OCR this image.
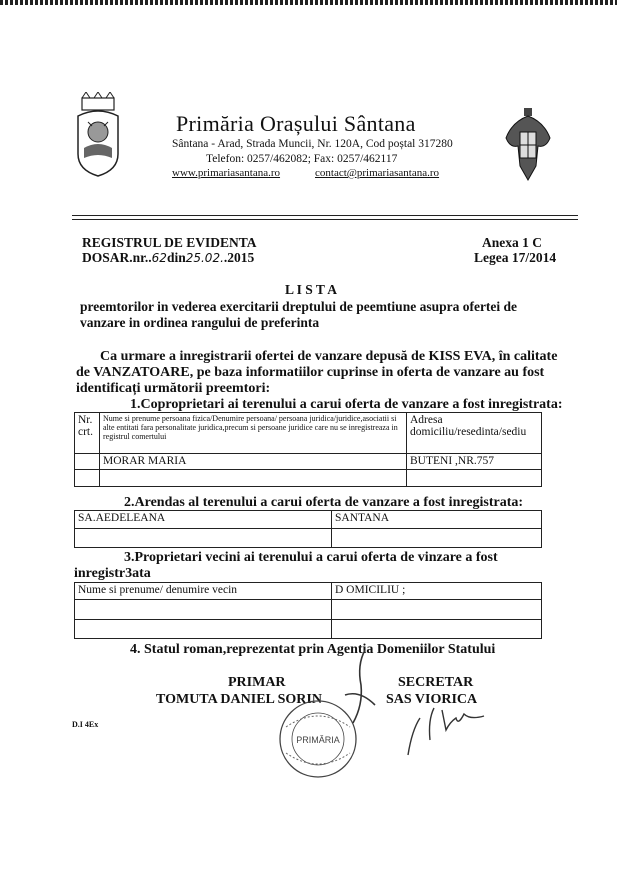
Primăria Orașului Sântana
Sântana - Arad, Strada Muncii, Nr. 120A, Cod poștal 317280
Telefon: 0257/462082; Fax: 0257/462117
www.primariasantana.ro	contact@primariasantana.ro
REGISTRUL DE EVIDENTA
DOSAR.nr..62din25.02..2015
Anexa 1 C
Legea 17/2014
L I S T A
preemtorilor in vederea exercitarii dreptului de peemtiune asupra ofertei de
vanzare in ordinea rangului de preferinta
Ca urmare a inregistrarii ofertei de vanzare depusă de KISS EVA, în calitate
de VANZATOARE, pe baza informatiilor cuprinse in oferta de vanzare au fost
identificați următorii preemtori:
1.Coproprietari ai terenului a carui oferta de vanzare a fost inregistrata:
Nr. crt.	Nume si prenume persoana fizica/Denumire persoana/ persoana juridica/juridice,asociatii si alte entitati fara personalitate juridica,precum si persoane juridice care nu se inregistreaza in registrul comertului	Adresa domiciliu/resedinta/sediu
	MORAR MARIA	BUTENI ,NR.757

2.Arendas al terenului a carui oferta de vanzare a fost inregistrata:
SA.AEDELEANA	SANTANA

3.Proprietari vecini ai terenului a carui oferta de vinzare a fost
inregistr3ata
Nume si prenume/ denumire vecin	D OMICILIU ;

4. Statul roman,reprezentat prin Agentia Domeniilor Statului
PRIMAR
TOMUTA DANIEL SORIN
SECRETAR
SAS VIORICA
D.I 4Ex
PRIMĂRIA
